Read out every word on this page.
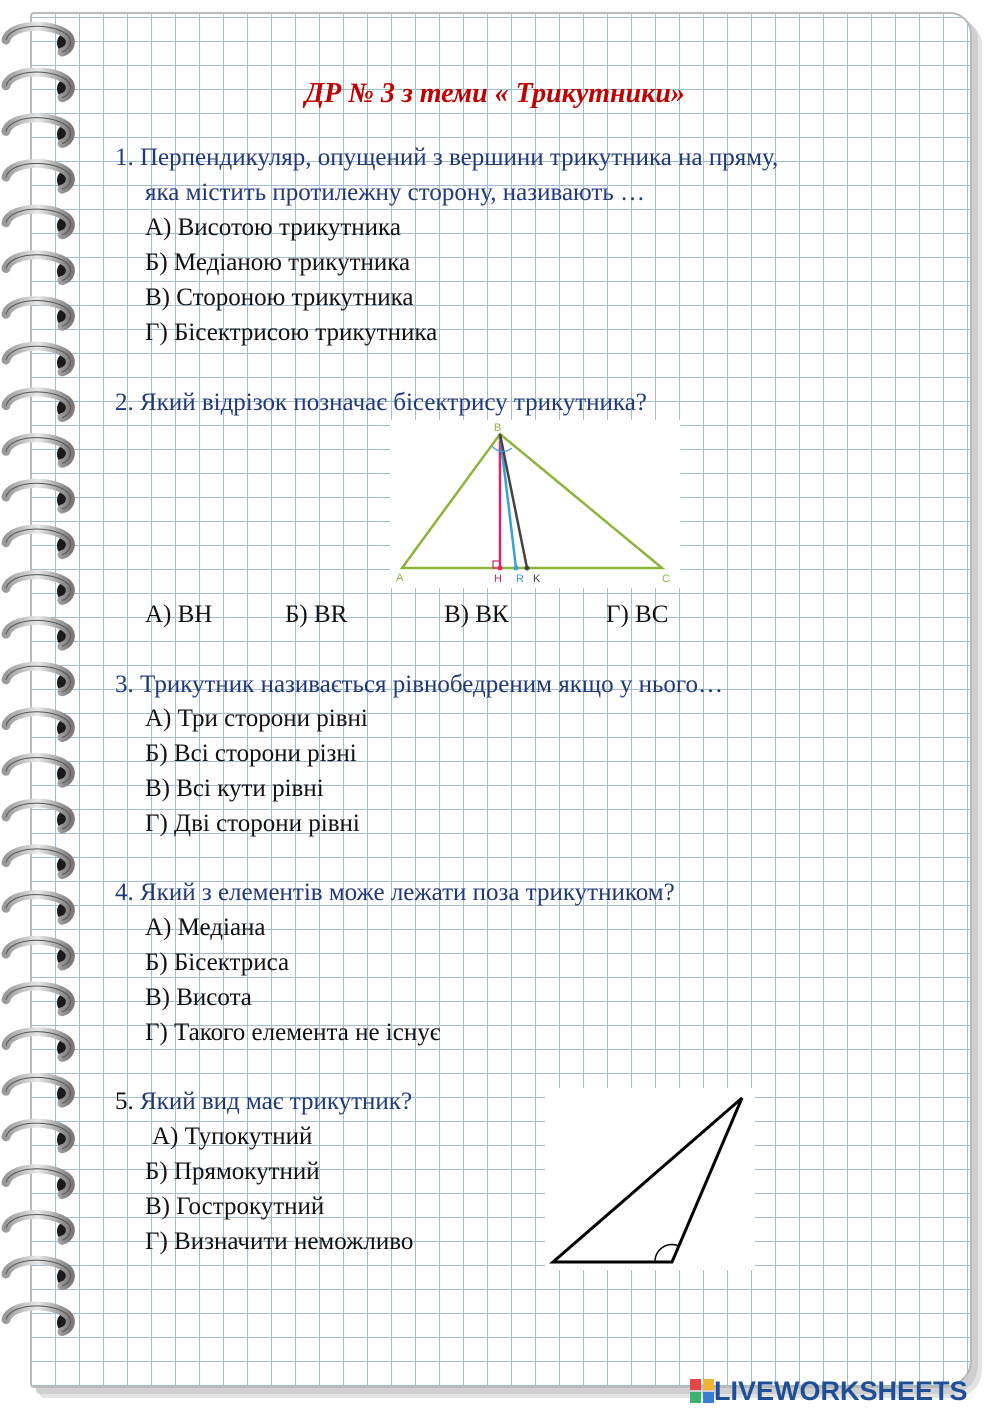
ДР № 3 з теми « Трикутники»
1. Перпендикуляр, опущений з вершини трикутника на пряму,
яка містить протилежну сторону, називають …
А) Висотою трикутника
Б) Медіаною трикутника
В) Стороною трикутника
Г) Бісектрисою трикутника
2. Який відрізок позначає бісектрису трикутника?
B
A	H R K	C
А) ВН	Б) BR	В) ВК	Г) ВС
3. Трикутник називається рівнобедреним якщо у нього…
А) Три сторони рівні
Б) Всі сторони різні
В) Всі кути рівні
Г) Дві сторони рівні
4. Який з елементів може лежати поза трикутником?
А) Медіана
Б) Бісектриса
В) Висота
Г) Такого елемента не існує
5. Який вид має трикутник?
А) Тупокутний
Б) Прямокутний
В) Гострокутний
Г) Визначити неможливо
LIVEWORKSHEETS
